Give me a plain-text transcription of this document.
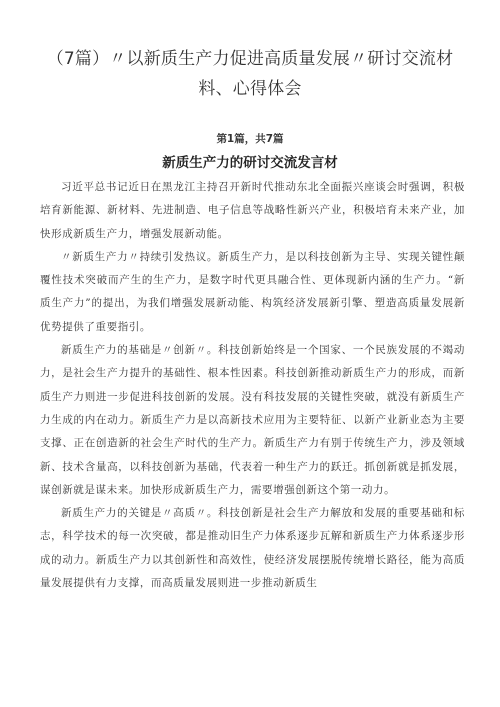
（7篇）〃以新质生产力促进高质量发展〃研讨交流材料、心得体会

第1篇，共7篇

新质生产力的研讨交流发言材

习近平总书记近日在黑龙江主持召开新时代推动东北全面振兴座谈会时强调，积极培育新能源、新材料、先进制造、电子信息等战略性新兴产业，积极培育未来产业，加快形成新质生产力，增强发展新动能。

〃新质生产力〃持续引发热议。新质生产力，是以科技创新为主导、实现关键性颠覆性技术突破而产生的生产力，是数字时代更具融合性、更体现新内涵的生产力。“新质生产力”的提出，为我们增强发展新动能、构筑经济发展新引擎、塑造高质量发展新优势提供了重要指引。

新质生产力的基础是〃创新〃。科技创新始终是一个国家、一个民族发展的不竭动力，是社会生产力提升的基础性、根本性因素。科技创新推动新质生产力的形成，而新质生产力则进一步促进科技创新的发展。没有科技发展的关键性突破，就没有新质生产力生成的内在动力。新质生产力是以高新技术应用为主要特征、以新产业新业态为主要支撑、正在创造新的社会生产时代的生产力。新质生产力有别于传统生产力，涉及领域新、技术含量高，以科技创新为基础，代表着一种生产力的跃迁。抓创新就是抓发展，谋创新就是谋未来。加快形成新质生产力，需要增强创新这个第一动力。

新质生产力的关键是〃高质〃。科技创新是社会生产力解放和发展的重要基础和标志，科学技术的每一次突破，都是推动旧生产力体系逐步瓦解和新质生产力体系逐步形成的动力。新质生产力以其创新性和高效性，使经济发展摆脱传统增长路径，能为高质量发展提供有力支撑，而高质量发展则进一步推动新质生
